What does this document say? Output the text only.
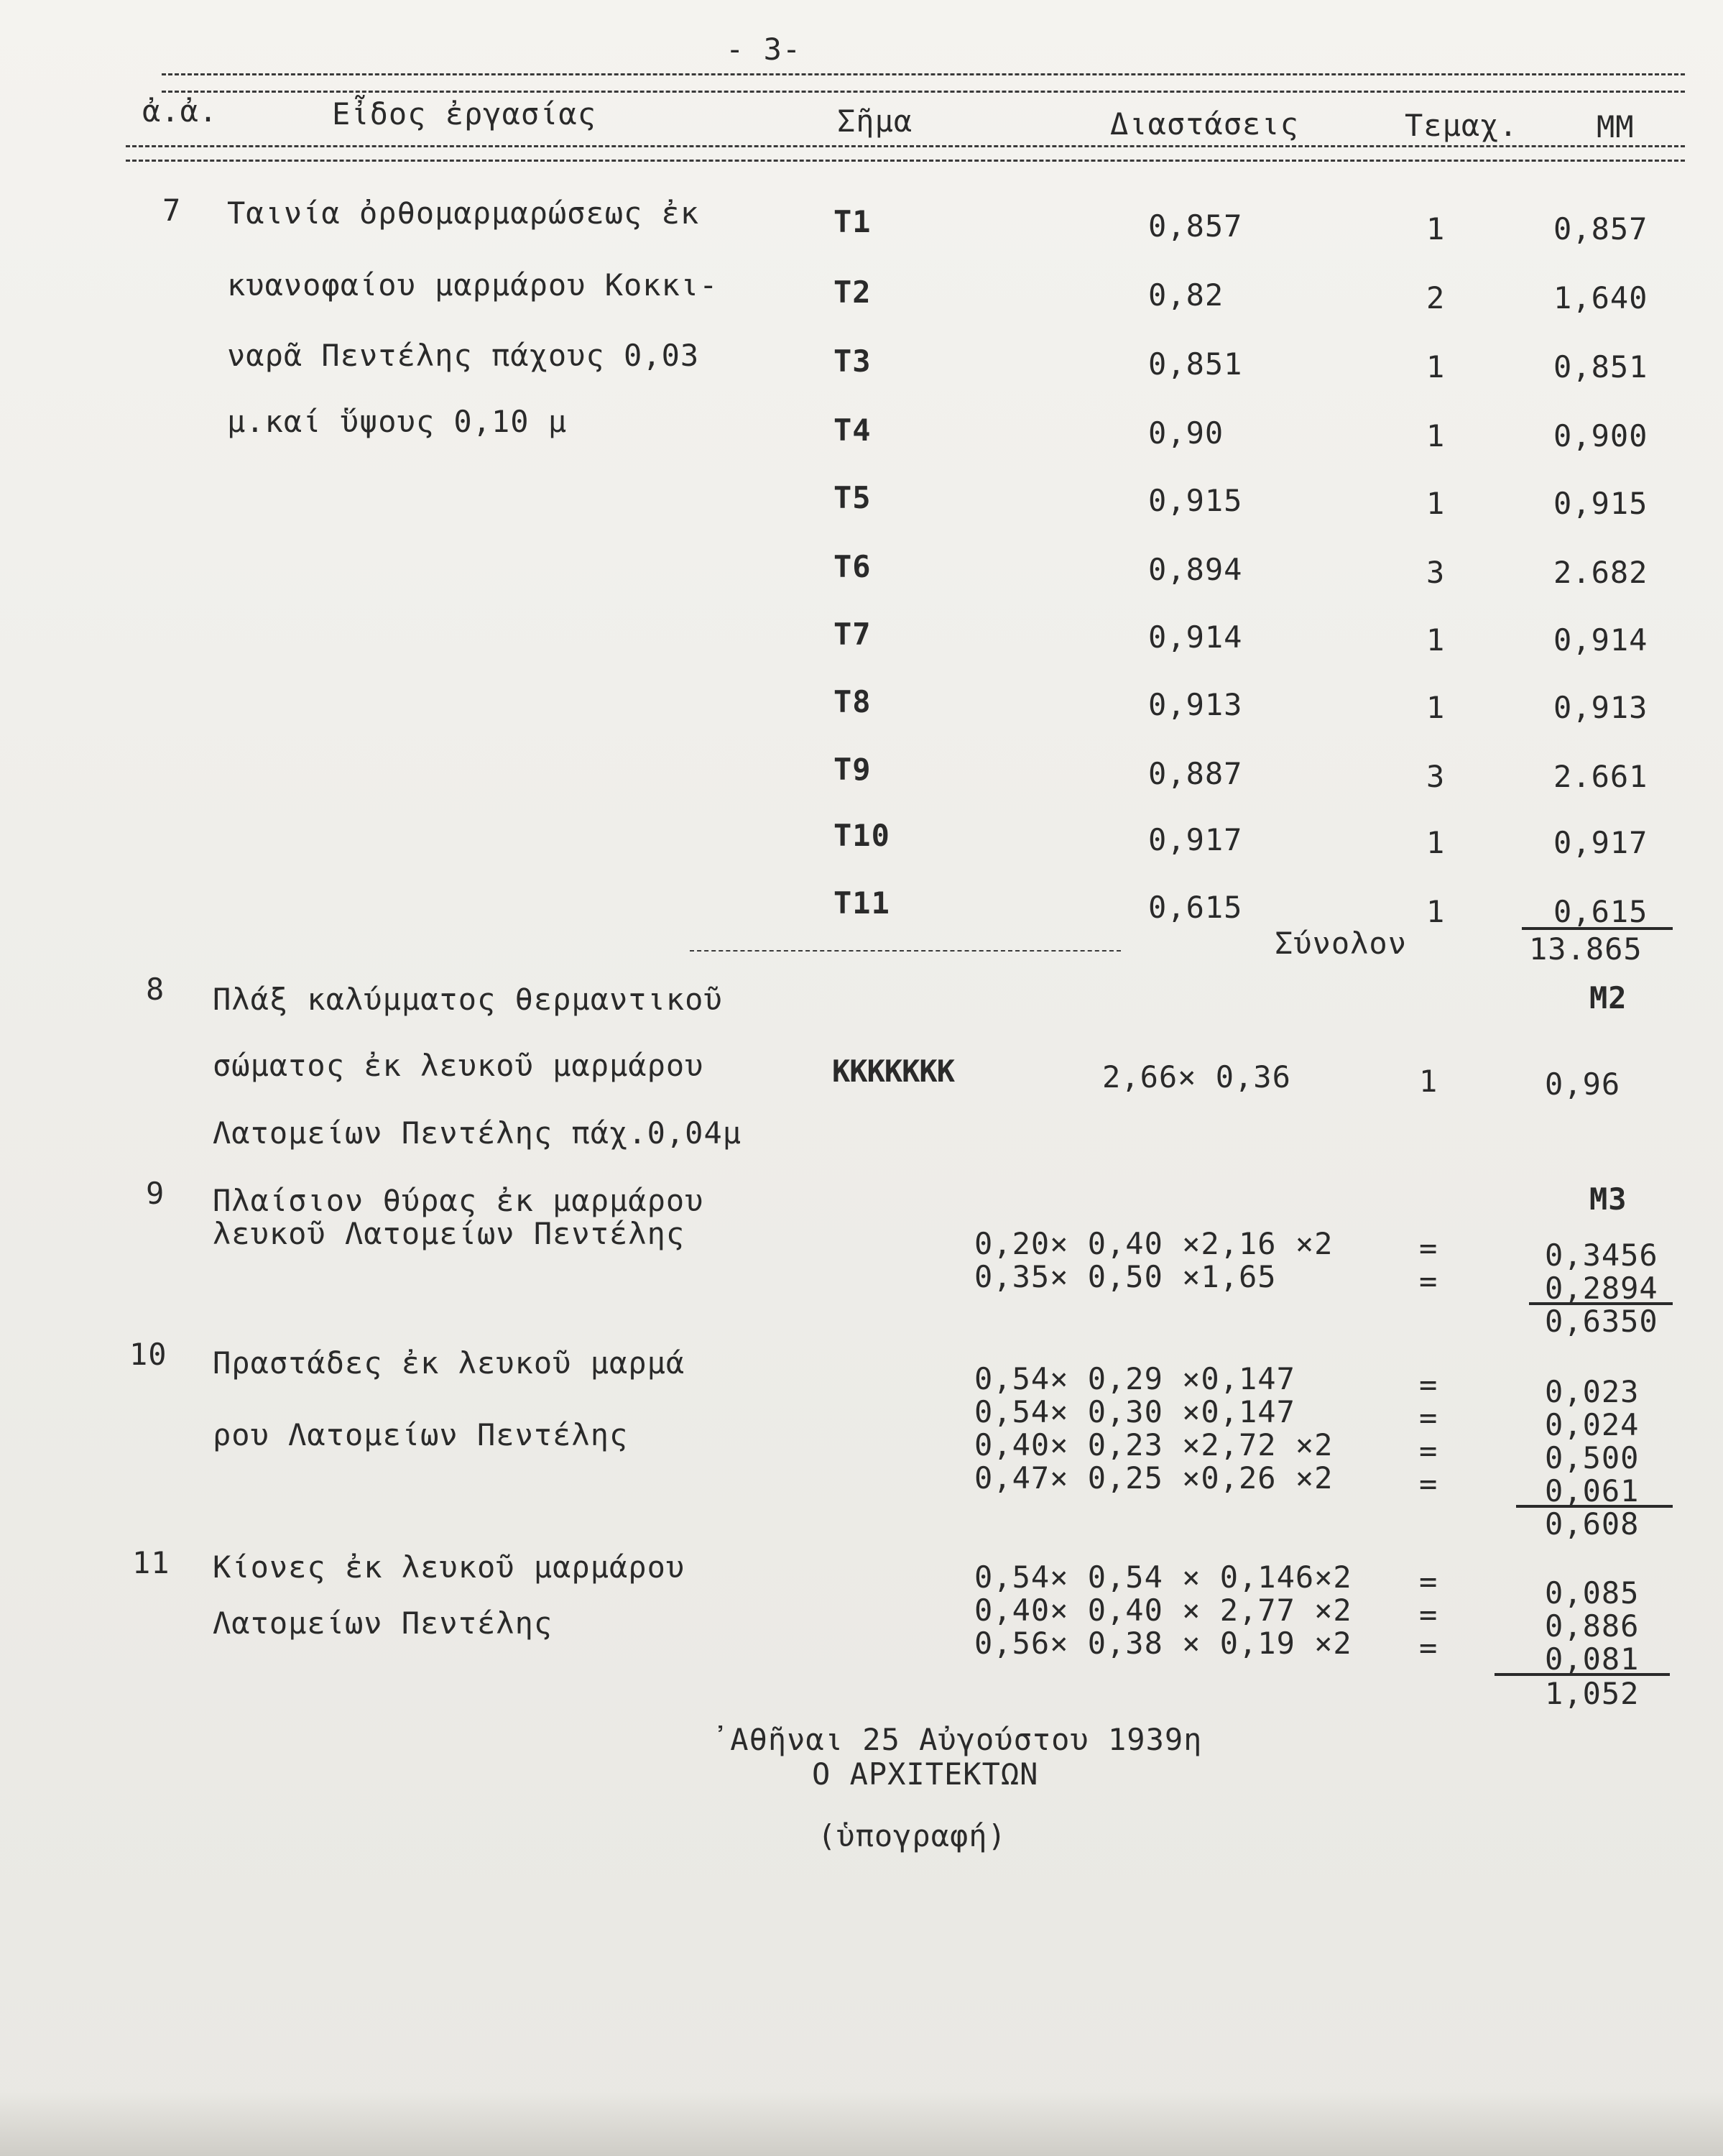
- 3-
ἀ.ἀ.	Εἶδος ἐργασίας	Σῆμα	Διαστάσεις	Τεμαχ.	ΜΜ
7 Ταινία ὀρθομαρμαρώσεως ἐκ
κυανοφαίου μαρμάρου Κοκκι-
ναρᾶ Πεντέλης πάχους 0,03
μ.καί ὕψους 0,10 μ
Τ1	0,857	1	0,857
Τ2	0,82	2	1,640
Τ3	0,851	1	0,851
Τ4	0,90	1	0,900
Τ5	0,915	1	0,915
Τ6	0,894	3	2.682
Τ7	0,914	1	0,914
Τ8	0,913	1	0,913
Τ9	0,887	3	2.661
Τ10	0,917	1	0,917
Τ11	0,615	1	0,615
Σύνολον	13.865
8 Πλάξ καλύμματος θερμαντικοῦ
σώματος ἐκ λευκοῦ μαρμάρου
Λατομείων Πεντέλης πάχ.0,04μ
Μ2
ΚΚΚΚΚΚΚ	2,66× 0,36	1	0,96
9 Πλαίσιον θύρας ἐκ μαρμάρου
λευκοῦ Λατομείων Πεντέλης
Μ3
0,20× 0,40 ×2,16 ×2	=	0,3456
0,35× 0,50 ×1,65	=	0,2894
0,6350
10 Πραστάδες ἐκ λευκοῦ μαρμά
ρου Λατομείων Πεντέλης
0,54× 0,29 ×0,147	=	0,023
0,54× 0,30 ×0,147	=	0,024
0,40× 0,23 ×2,72 ×2	=	0,500
0,47× 0,25 ×0,26 ×2	=	0,061
0,608
11 Κίονες ἐκ λευκοῦ μαρμάρου
Λατομείων Πεντέλης
0,54× 0,54 × 0,146×2 =	0,085
0,40× 0,40 × 2,77 ×2 =	0,886
0,56× 0,38 × 0,19 ×2 =	0,081
1,052
᾿Αθῆναι 25 Αὐγούστου 1939η
Ο ΑΡΧΙΤΕΚΤΩΝ
(ὑπογραφή)
